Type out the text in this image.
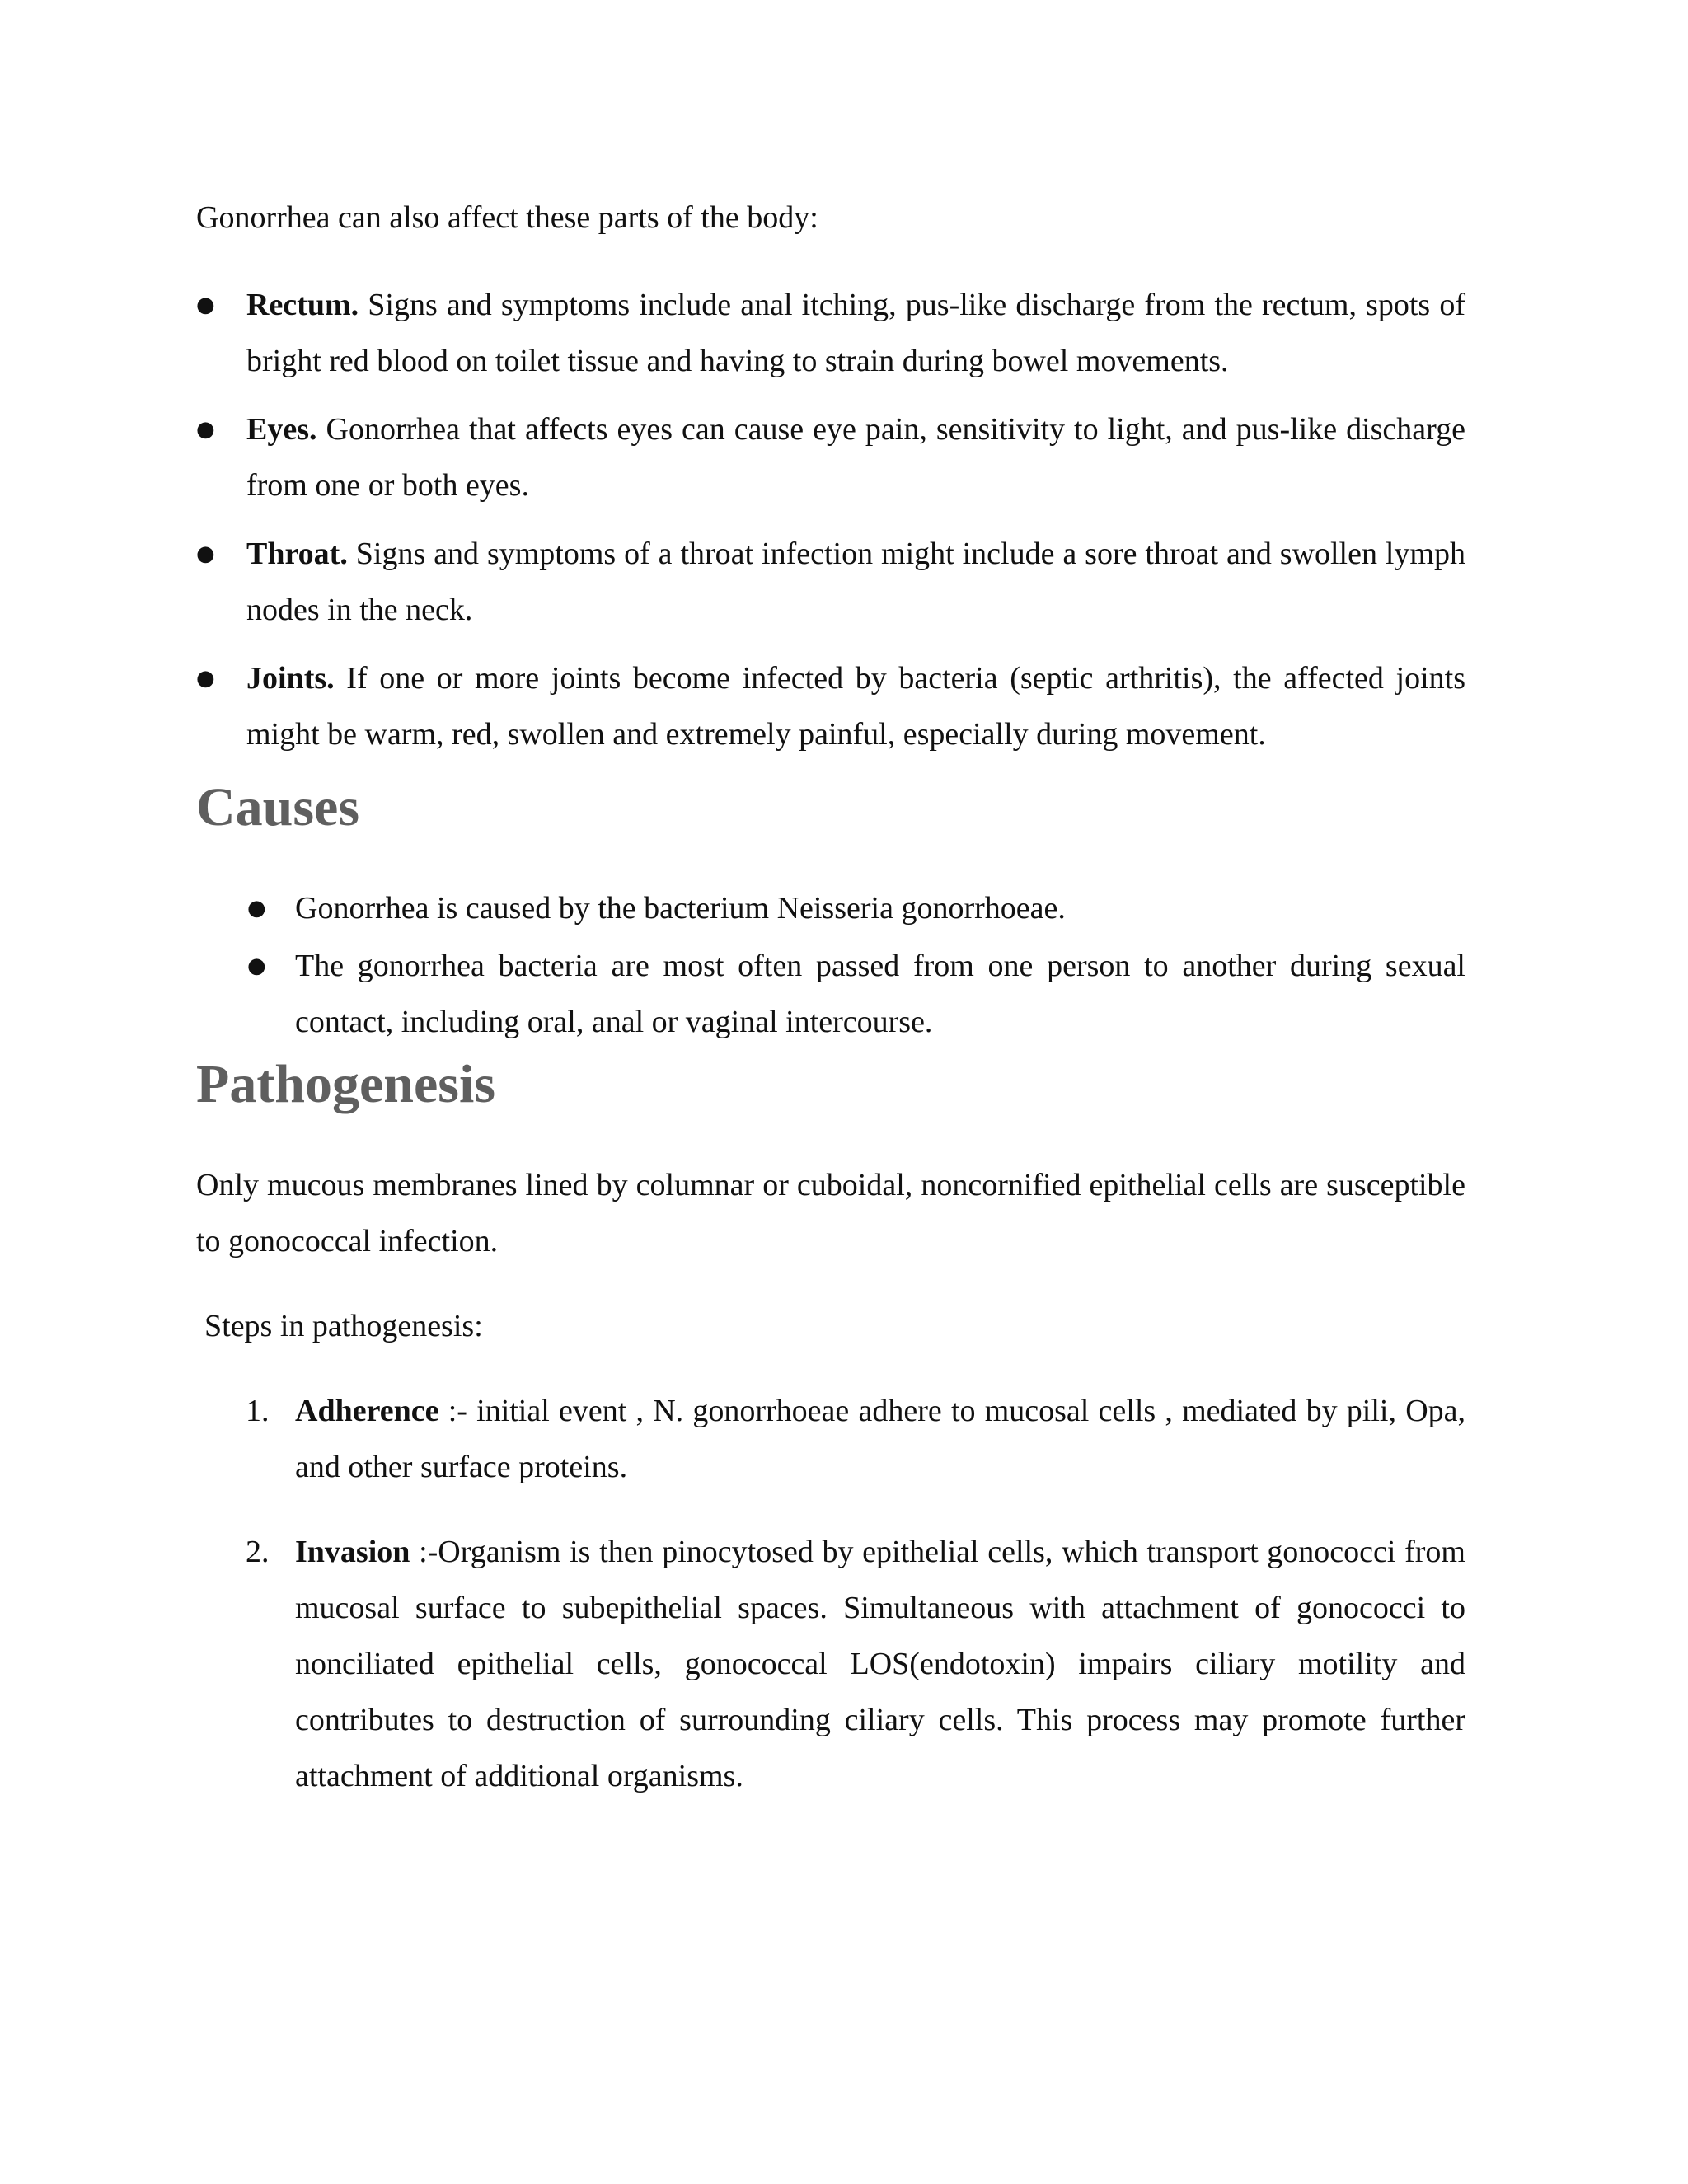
Gonorrhea can also affect these parts of the body:

● Rectum. Signs and symptoms include anal itching, pus-like discharge from the rectum, spots of bright red blood on toilet tissue and having to strain during bowel movements.
● Eyes. Gonorrhea that affects eyes can cause eye pain, sensitivity to light, and pus-like discharge from one or both eyes.
● Throat. Signs and symptoms of a throat infection might include a sore throat and swollen lymph nodes in the neck.
● Joints. If one or more joints become infected by bacteria (septic arthritis), the affected joints might be warm, red, swollen and extremely painful, especially during movement.
Causes
● Gonorrhea is caused by the bacterium Neisseria gonorrhoeae.
● The gonorrhea bacteria are most often passed from one person to another during sexual contact, including oral, anal or vaginal intercourse.
Pathogenesis

Only mucous membranes lined by columnar or cuboidal, noncornified epithelial cells are susceptible to gonococcal infection.

Steps in pathogenesis:

1. Adherence :- initial event , N. gonorrhoeae adhere to mucosal cells , mediated by pili, Opa, and other surface proteins.
2. Invasion :-Organism is then pinocytosed by epithelial cells, which transport gonococci from mucosal surface to subepithelial spaces. Simultaneous with attachment of gonococci to nonciliated epithelial cells, gonococcal LOS(endotoxin) impairs ciliary motility and contributes to destruction of surrounding ciliary cells. This process may promote further attachment of additional organisms.
